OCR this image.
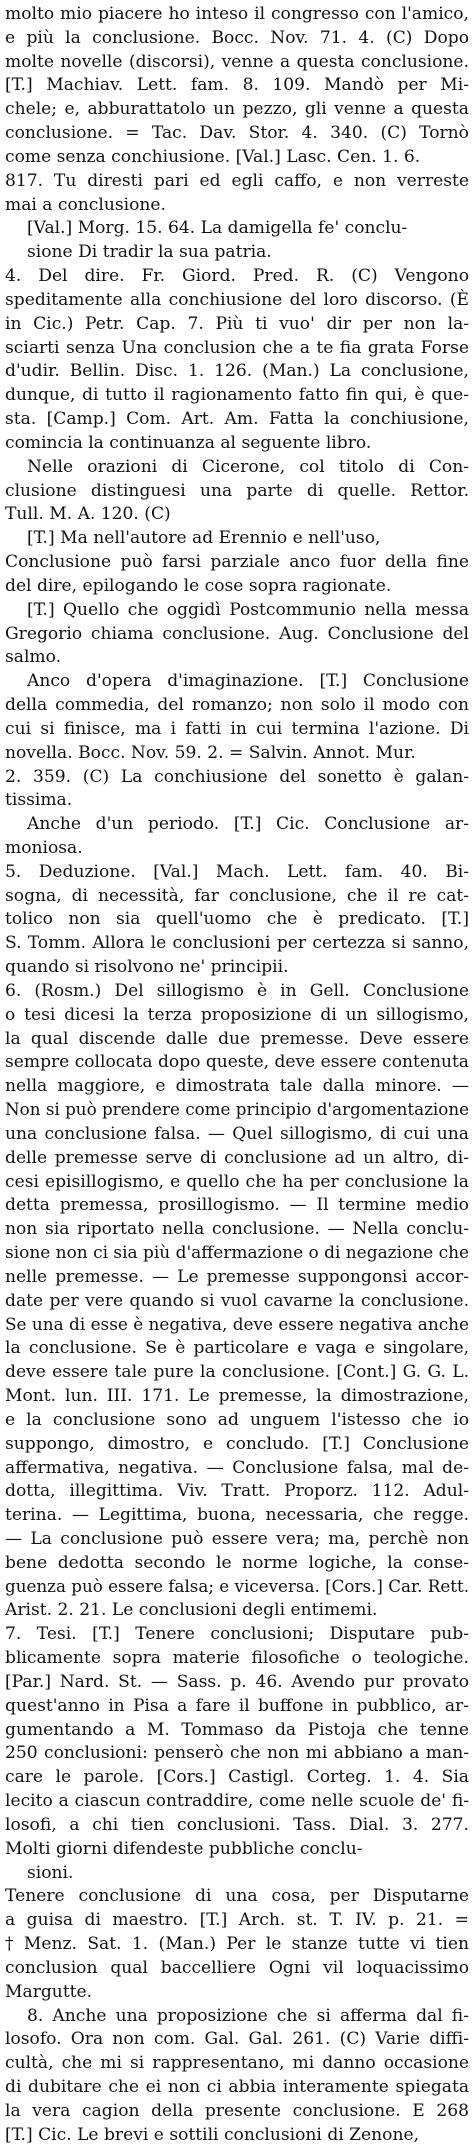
molto mio piacere ho inteso il congresso con l'amico,
e più la conclusione. Bocc. Nov. 71. 4. (C) Dopo
molte novelle (discorsi), venne a questa conclusione.
[T.] Machiav. Lett. fam. 8. 109. Mandò per Mi-
chele; e, abburattatolo un pezzo, gli venne a questa
conclusione. = Tac. Dav. Stor. 4. 340. (C) Tornò
come senza conchiusione. [Val.] Lasc. Cen. 1. 6.
817. Tu diresti pari ed egli caffo, e non verreste
mai a conclusione.
[Val.] Morg. 15. 64. La damigella fe' conclu-
sione Di tradir la sua patria.
4. Del dire. Fr. Giord. Pred. R. (C) Vengono
speditamente alla conchiusione del loro discorso. (È
in Cic.) Petr. Cap. 7. Più ti vuo' dir per non la-
sciarti senza Una conclusion che a te fia grata Forse
d'udir. Bellin. Disc. 1. 126. (Man.) La conclusione,
dunque, di tutto il ragionamento fatto fin qui, è que-
sta. [Camp.] Com. Art. Am. Fatta la conchiusione,
comincia la continuanza al seguente libro.
Nelle orazioni di Cicerone, col titolo di Con-
clusione distinguesi una parte di quelle. Rettor.
Tull. M. A. 120. (C)
[T.] Ma nell'autore ad Erennio e nell'uso,
Conclusione può farsi parziale anco fuor della fine
del dire, epilogando le cose sopra ragionate.
[T.] Quello che oggidì Postcommunio nella messa
Gregorio chiama conclusione. Aug. Conclusione del
salmo.
Anco d'opera d'imaginazione. [T.] Conclusione
della commedia, del romanzo; non solo il modo con
cui si finisce, ma i fatti in cui termina l'azione. Di
novella. Bocc. Nov. 59. 2. = Salvin. Annot. Mur.
2. 359. (C) La conchiusione del sonetto è galan-
tissima.
Anche d'un periodo. [T.] Cic. Conclusione ar-
moniosa.
5. Deduzione. [Val.] Mach. Lett. fam. 40. Bi-
sogna, di necessità, far conclusione, che il re cat-
tolico non sia quell'uomo che è predicato. [T.]
S. Tomm. Allora le conclusioni per certezza si sanno,
quando si risolvono ne' principii.
6. (Rosm.) Del sillogismo è in Gell. Conclusione
o tesi dicesi la terza proposizione di un sillogismo,
la qual discende dalle due premesse. Deve essere
sempre collocata dopo queste, deve essere contenuta
nella maggiore, e dimostrata tale dalla minore. —
Non si può prendere come principio d'argomentazione
una conclusione falsa. — Quel sillogismo, di cui una
delle premesse serve di conclusione ad un altro, di-
cesi episillogismo, e quello che ha per conclusione la
detta premessa, prosillogismo. — Il termine medio
non sia riportato nella conclusione. — Nella conclu-
sione non ci sia più d'affermazione o di negazione che
nelle premesse. — Le premesse suppongonsi accor-
date per vere quando si vuol cavarne la conclusione.
Se una di esse è negativa, deve essere negativa anche
la conclusione. Se è particolare e vaga e singolare,
deve essere tale pure la conclusione. [Cont.] G. G. L.
Mont. lun. III. 171. Le premesse, la dimostrazione,
e la conclusione sono ad unguem l'istesso che io
suppongo, dimostro, e concludo. [T.] Conclusione
affermativa, negativa. — Conclusione falsa, mal de-
dotta, illegittima. Viv. Tratt. Proporz. 112. Adul-
terina. — Legittima, buona, necessaria, che regge.
— La conclusione può essere vera; ma, perchè non
bene dedotta secondo le norme logiche, la conse-
guenza può essere falsa; e viceversa. [Cors.] Car. Rett.
Arist. 2. 21. Le conclusioni degli entimemi.
7. Tesi. [T.] Tenere conclusioni; Disputare pub-
blicamente sopra materie filosofiche o teologiche.
[Par.] Nard. St. — Sass. p. 46. Avendo pur provato
quest'anno in Pisa a fare il buffone in pubblico, ar-
gumentando a M. Tommaso da Pistoja che tenne
250 conclusioni: penserò che non mi abbiano a man-
care le parole. [Cors.] Castigl. Corteg. 1. 4. Sia
lecito a ciascun contraddire, come nelle scuole de' fi-
losofi, a chi tien conclusioni. Tass. Dial. 3. 277.
Molti giorni difendeste pubbliche conclu-
sioni.
Tenere conclusione di una cosa, per Disputarne
a guisa di maestro. [T.] Arch. st. T. IV. p. 21. =
† Menz. Sat. 1. (Man.) Per le stanze tutte vi tien
conclusion qual baccelliere Ogni vil loquacissimo
Margutte.
8. Anche una proposizione che si afferma dal fi-
losofo. Ora non com. Gal. Gal. 261. (C) Varie diffi-
cultà, che mi si rappresentano, mi danno occasione
di dubitare che ei non ci abbia interamente spiegata
la vera cagion della presente conclusione. E 268
[T.] Cic. Le brevi e sottili conclusioni di Zenone,
